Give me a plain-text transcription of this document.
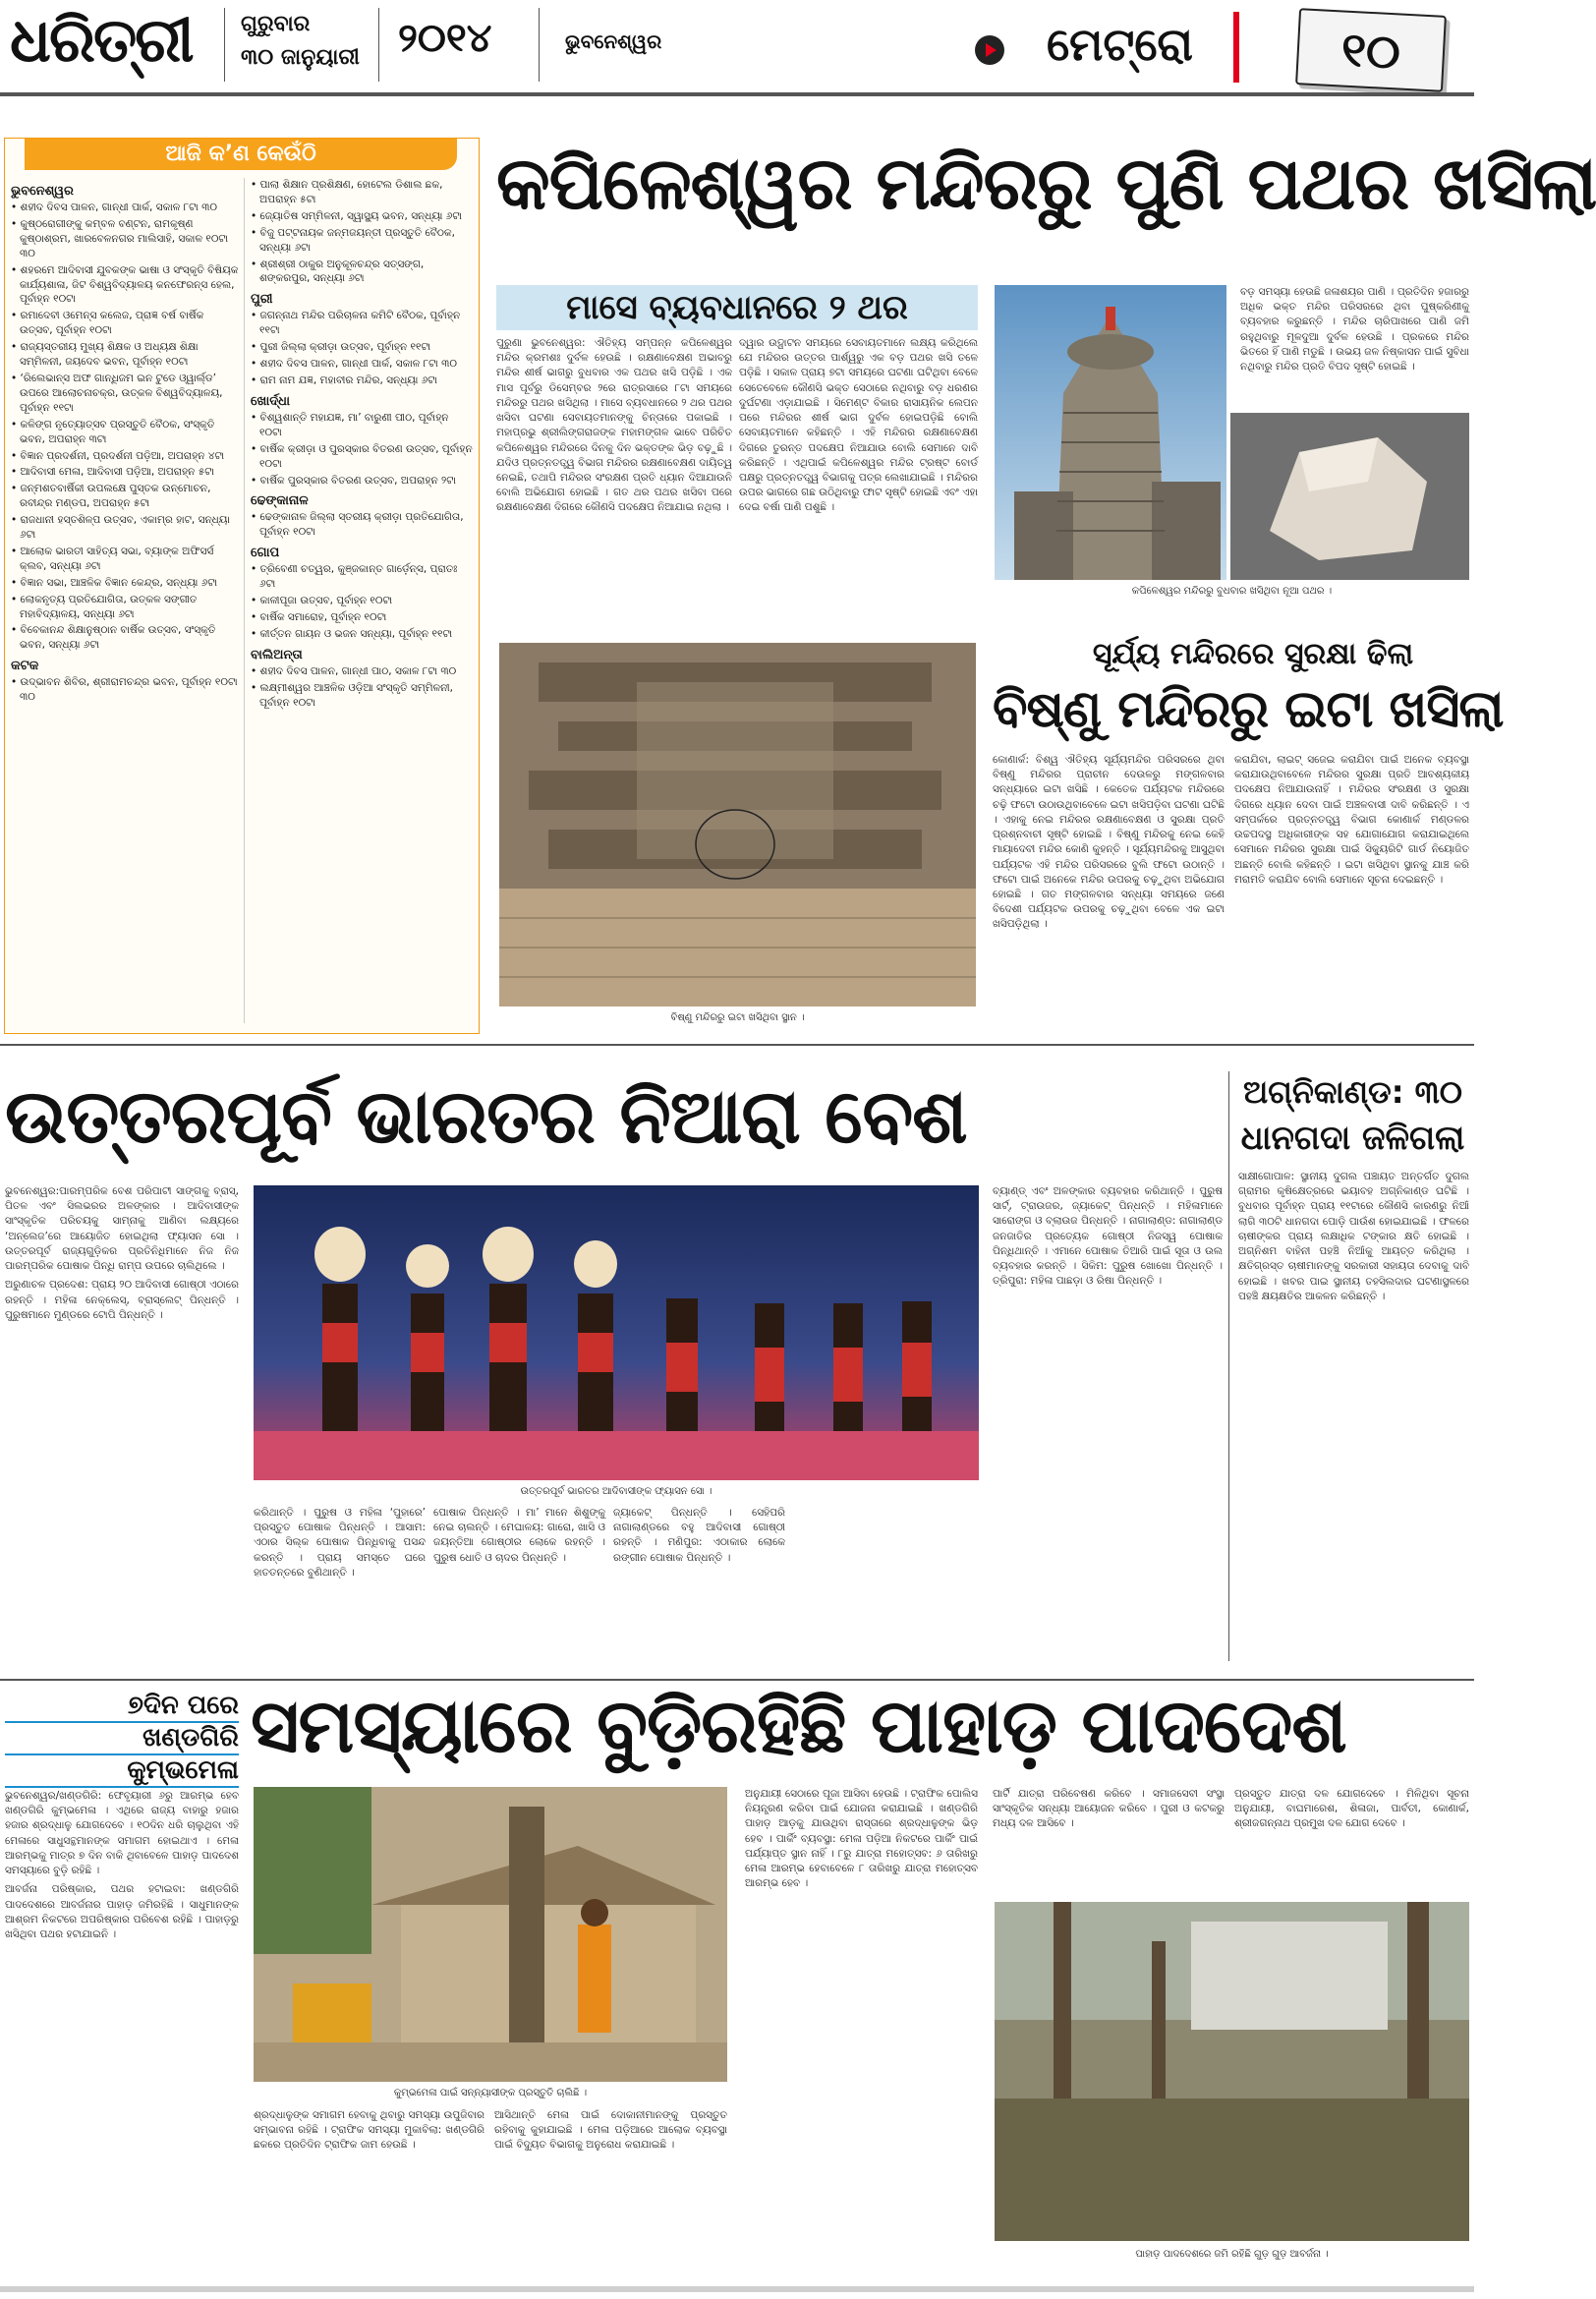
ଧରିତ୍ରୀ ଗୁରୁବାର
୩୦ ଜାନୁୟାରୀ ୨୦୧୪	ଭୁବନେଶ୍ୱର	ମେଟ୍ରୋ	୧୦
ଆଜି କ’ଣ କେଉଁଠି
ଭୁବନେଶ୍ୱର
• ଶହୀଦ ଦିବସ ପାଳନ, ଗାନ୍ଧୀ ପାର୍କ, ସକାଳ ୮ଟା ୩୦
• କୁଷ୍ଠରୋଗୀଙ୍କୁ କମ୍ବଳ ବଣ୍ଟନ, ରାମକୃଷ୍ଣ କୁଷ୍ଠାଶ୍ରମ, ଖାରବେଳନଗର ମାଲିସାହି, ସକାଳ ୧୦ଟା ୩୦
• ଶହରମେ ଆଦିବାସୀ ଯୁବକଙ୍କ ଭାଷା ଓ ସଂସ୍କୃତି ବିଷିୟକ କାର୍ଯ୍ୟଶାଳା, ଜିଟ ବିଶ୍ୱବିଦ୍ୟାଳୟ କନଫେରନ୍ସ ହେଲ, ପୂର୍ବାହ୍ନ ୧୦ଟା
• ରମାଦେବୀ ଓମେନ୍ସ କଲେଜ, ପ୍ରାଜ୍ଞ ବର୍ଷ ବାର୍ଷିକ ଉତ୍ସବ, ପୂର୍ବାହ୍ନ ୧୦ଟା
• ରାଜ୍ୟସ୍ତରୀୟ ମୁଖ୍ୟ ଶିକ୍ଷକ ଓ ଅଧ୍ୟକ୍ଷ ଶିକ୍ଷା ସମ୍ମିଳନୀ, ଜୟଦେବ ଭବନ, ପୂର୍ବାହ୍ନ ୧୦ଟା
• ‘ରିଲେଭାନ୍ସ ଅଫ ଗାନ୍ଧିଜମ ଇନ ଟୁଡେ ଓ୍ୱାର୍ଲ୍ଡ’ ଉପରେ ଆଲୋଚନାଚକ୍ର, ଉତ୍କଳ ବିଶ୍ୱବିଦ୍ୟାଳୟ, ପୂର୍ବାହ୍ନ ୧୧ଟା
• କଳିଙ୍ଗ ନୃତ୍ୟୋତ୍ସବ ପ୍ରସ୍ତୁତି ବୈଠକ, ସଂସ୍କୃତି ଭବନ, ଅପରାହ୍ନ ୩ଟା
• ବିଜ୍ଞାନ ପ୍ରଦର୍ଶନୀ, ପ୍ରଦର୍ଶନୀ ପଡ଼ିଆ, ଅପରାହ୍ନ ୪ଟା
• ଆଦିବାସୀ ମେଳା, ଆଦିବାସୀ ପଡ଼ିଆ, ଅପରାହ୍ନ ୫ଟା
• ଜନ୍ମଶତବାର୍ଷିକୀ ଉପଲକ୍ଷେ ପୁସ୍ତକ ଉନ୍ମୋଚନ, ରବୀନ୍ଦ୍ର ମଣ୍ଡପ, ଅପରାହ୍ନ ୫ଟା
• ରାଜଧାନୀ ହସ୍ତଶିଳ୍ପ ଉତ୍ସବ, ଏକାମ୍ର ହାଟ, ସନ୍ଧ୍ୟା ୬ଟା
• ଆଲୋକ ଭାରତୀ ସାହିତ୍ୟ ସଭା, ବ୍ୟାଙ୍କ ଅଫିସର୍ସ କ୍ଲବ, ସନ୍ଧ୍ୟା ୬ଟା
• ବିଜ୍ଞାନ ସଭା, ଆଞ୍ଚଳିକ ବିଜ୍ଞାନ କେନ୍ଦ୍ର, ସନ୍ଧ୍ୟା ୬ଟା
• ଲୋକନୃତ୍ୟ ପ୍ରତିଯୋଗିତା, ଉତ୍କଳ ସଙ୍ଗୀତ ମହାବିଦ୍ୟାଳୟ, ସନ୍ଧ୍ୟା ୬ଟା
• ବିବେକାନନ୍ଦ ଶିକ୍ଷାନୁଷ୍ଠାନ ବାର୍ଷିକ ଉତ୍ସବ, ସଂସ୍କୃତି ଭବନ, ସନ୍ଧ୍ୟା ୬ଟା
କଟକ
• ଉଦ୍ଭାବନ ଶିବିର, ଶ୍ରୀରାମଚନ୍ଦ୍ର ଭବନ, ପୂର୍ବାହ୍ନ ୧୦ଟା ୩୦
• ପାଲା ଶିକ୍ଷାନ ପ୍ରଶିକ୍ଷଣ, ହୋଟେଲ ଡିଶାଲ ଛକ, ଅପରାହ୍ନ ୫ଟା
• ଜ୍ୟୋତିଷ ସମ୍ମିଳନୀ, ସ୍ୱାସ୍ଥ୍ୟ ଭବନ, ସନ୍ଧ୍ୟା ୬ଟା
• ବିଜୁ ପଟ୍ଟନାୟକ ଜନ୍ମଜୟନ୍ତୀ ପ୍ରସ୍ତୁତି ବୈଠକ, ସନ୍ଧ୍ୟା ୬ଟା
• ଶ୍ରୀଶ୍ରୀ ଠାକୁର ଅନୁକୂଳଚନ୍ଦ୍ର ସତ୍ସଙ୍ଗ, ଶଙ୍କରପୁର, ସନ୍ଧ୍ୟା ୬ଟା
ପୁରୀ
• ଜଗନ୍ନାଥ ମନ୍ଦିର ପରିଚାଳନା କମିଟି ବୈଠକ, ପୂର୍ବାହ୍ନ ୧୧ଟା
• ପୁରୀ ଜିଲ୍ଲା କ୍ରୀଡ଼ା ଉତ୍ସବ, ପୂର୍ବାହ୍ନ ୧୧ଟା
• ଶହୀଦ ଦିବସ ପାଳନ, ଗାନ୍ଧୀ ପାର୍କ, ସକାଳ ୮ଟା ୩୦
• ରାମ ନାମ ଯଜ୍ଞ, ମହାବୀର ମନ୍ଦିର, ସନ୍ଧ୍ୟା ୬ଟା
ଖୋର୍ଦ୍ଧା
• ବିଶ୍ୱଶାନ୍ତି ମହାଯଜ୍ଞ, ମା’ ବାରୁଣୀ ପୀଠ, ପୂର୍ବାହ୍ନ ୧୦ଟା
• ବାର୍ଷିକ କ୍ରୀଡ଼ା ଓ ପୁରସ୍କାର ବିତରଣ ଉତ୍ସବ, ପୂର୍ବାହ୍ନ ୧୦ଟା
• ବାର୍ଷିକ ପୁରସ୍କାର ବିତରଣ ଉତ୍ସବ, ଅପରାହ୍ନ ୨ଟା
ଢେଙ୍କାନାଳ
• ଢେଙ୍କାନାଳ ଜିଲ୍ଲା ସ୍ତରୀୟ କ୍ରୀଡ଼ା ପ୍ରତିଯୋଗିତା, ପୂର୍ବାହ୍ନ ୧୦ଟା
ଗୋପ
• ତ୍ରିବେଣୀ ଚତ୍ୱର, କୁଞ୍ଜକାନ୍ତ ଗାର୍ଡ଼େନ୍ସ, ପ୍ରାତଃ ୬ଟା
• କାଳୀପୂଜା ଉତ୍ସବ, ପୂର୍ବାହ୍ନ ୧୦ଟା
• ବାର୍ଷିକ ସମାରୋହ, ପୂର୍ବାହ୍ନ ୧୦ଟା
• କୀର୍ତ୍ତନ ଗାୟନ ଓ ଭଜନ ସନ୍ଧ୍ୟା, ପୂର୍ବାହ୍ନ ୧୧ଟା
ବାଲିଅନ୍ତା
• ଶହୀଦ ଦିବସ ପାଳନ, ଗାନ୍ଧୀ ପାଠ, ସକାଳ ୮ଟା ୩୦
• ଲକ୍ଷ୍ମୀଶ୍ୱର ଆଞ୍ଚଳିକ ଓଡ଼ିଆ ସଂସ୍କୃତି ସମ୍ମିଳନୀ, ପୂର୍ବାହ୍ନ ୧୦ଟା
କପିଳେଶ୍ୱର ମନ୍ଦିରରୁ ପୁଣି ପଥର ଖସିଲା
ମାସେ ବ୍ୟବଧାନରେ ୨ ଥର
ପୁରୁଣା ଭୁବନେଶ୍ୱର: ଐତିହ୍ୟ ସମ୍ପନ୍ନ କପିଳେଶ୍ୱର ମନ୍ଦିର କ୍ରମଶଃ ଦୁର୍ବଳ ହେଉଛି । ରକ୍ଷଣାବେକ୍ଷଣ ଅଭାବରୁ ମନ୍ଦିର ଶୀର୍ଷ ଭାଗରୁ ବୁଧବାର ଏକ ପଥର ଖସି ପଡ଼ିଛି । ଏକ ମାସ ପୂର୍ବରୁ ଡିସେମ୍ବର ୨ରେ ରାତ୍ରସାରେ ୮ଟା ସମୟରେ ମନ୍ଦିରରୁ ପଥର ଖସିଥିଲା । ମାସେ ବ୍ୟବଧାନରେ ୨ ଥର ପଥର ଖସିବା ଘଟଣା ସେବାୟତମାନଙ୍କୁ ଚିନ୍ତାରେ ପକାଇଛି । ମହାପ୍ରଭୁ ଶ୍ରୀଲିଙ୍ଗରାଜଙ୍କ ମହାମଙ୍ଗଳ ଭାବେ ପରିଚିତ କପିଳେଶ୍ୱର ମନ୍ଦିରରେ ଦିନକୁ ଦିନ ଭକ୍ତଙ୍କ ଭିଡ଼ ବଢ଼ୁଛି । ଯଦିଓ ପ୍ରତ୍ନତତ୍ତ୍ୱ ବିଭାଗ ମନ୍ଦିରର ରକ୍ଷଣାବେକ୍ଷଣ ଦାୟିତ୍ୱ ନେଇଛି, ତଥାପି ମନ୍ଦିରର ସଂରକ୍ଷଣ ପ୍ରତି ଧ୍ୟାନ ଦିଆଯାଉନି ବୋଲି ଅଭିଯୋଗ ହୋଇଛି । ଗତ ଥର ପଥର ଖସିବା ପରେ ରକ୍ଷଣାବେକ୍ଷଣ ଦିଗରେ କୌଣସି ପଦକ୍ଷେପ ନିଆଯାଇ ନଥିଲା ।
ଦ୍ୱାର ଉଦ୍ଘାଟନ ସମୟରେ ସେବାୟତମାନେ ଲକ୍ଷ୍ୟ କରିଥିଲେ ଯେ ମନ୍ଦିରର ଉତ୍ତର ପାର୍ଶ୍ୱରୁ ଏକ ବଡ଼ ପଥର ଖସି ତଳେ ପଡ଼ିଛି । ସକାଳ ପ୍ରାୟ ୭ଟା ସମୟରେ ଘଟଣା ଘଟିଥିବା ବେଳେ ସେତେବେଳେ କୌଣସି ଭକ୍ତ ସେଠାରେ ନଥିବାରୁ ବଡ଼ ଧରଣର ଦୁର୍ଘଟଣା ଏଡ଼ାଯାଇଛି । ସିମେଣ୍ଟ ବିକାର ରାସାୟନିକ ଲେପନ ପରେ ମନ୍ଦିରର ଶୀର୍ଷ ଭାଗ ଦୁର୍ବଳ ହୋଇପଡ଼ିଛି ବୋଲି ସେବାୟତମାନେ କହିଛନ୍ତି । ଏହି ମନ୍ଦିରର ରକ୍ଷଣାବେକ୍ଷଣ ଦିଗରେ ତୁରନ୍ତ ପଦକ୍ଷେପ ନିଆଯାଉ ବୋଲି ସେମାନେ ଦାବି କରିଛନ୍ତି । ଏଥିପାଇଁ କପିଳେଶ୍ୱର ମନ୍ଦିର ଟ୍ରଷ୍ଟ ବୋର୍ଡ ପକ୍ଷରୁ ପ୍ରତ୍ନତତ୍ତ୍ୱ ବିଭାଗକୁ ପତ୍ର ଲେଖାଯାଇଛି । ମନ୍ଦିରର ଉପର ଭାଗରେ ଗଛ ଉଠିଥିବାରୁ ଫାଟ ସୃଷ୍ଟି ହୋଇଛି ଏବଂ ଏହା ଦେଇ ବର୍ଷା ପାଣି ପଶୁଛି ।
ବଡ଼ ସମସ୍ୟା ହେଉଛି ଜଳାଶୟର ପାଣି । ପ୍ରତିଦିନ ହଜାରରୁ ଅଧିକ ଭକ୍ତ ମନ୍ଦିର ପରିସରରେ ଥିବା ପୁଷ୍କରିଣୀକୁ ବ୍ୟବହାର କରୁଛନ୍ତି । ମନ୍ଦିର ଚାରିପାଖରେ ପାଣି ଜମି ରହୁଥିବାରୁ ମୂଳଦୁଆ ଦୁର୍ବଳ ହେଉଛି । ପ୍ରକରେ ମନ୍ଦିର ଭିତରେ ହିଁ ପାଣି ମଡୁଛି । ଉଭୟ ଜଳ ନିଷ୍କାସନ ପାଇଁ ସୁବିଧା ନଥିବାରୁ ମନ୍ଦିର ପ୍ରତି ବିପଦ ସୃଷ୍ଟି ହୋଇଛି ।
କପିଳେଶ୍ୱର ମନ୍ଦିରରୁ ବୁଧବାର ଖସିଥିବା ନୂଆ ପଥର ।
ବିଷ୍ଣୁ ମନ୍ଦିରରୁ ଇଟା ଖସିଥିବା ସ୍ଥାନ ।
ସୂର୍ଯ୍ୟ ମନ୍ଦିରରେ ସୁରକ୍ଷା ଢିଲା
ବିଷ୍ଣୁ ମନ୍ଦିରରୁ ଇଟା ଖସିଲା
କୋଣାର୍କ: ବିଶ୍ୱ ଐତିହ୍ୟ ସୂର୍ଯ୍ୟମନ୍ଦିର ପରିସରରେ ଥିବା ବିଷ୍ଣୁ ମନ୍ଦିରର ପ୍ରାଚୀନ ଦେଉଳରୁ ମଙ୍ଗଳବାର ସନ୍ଧ୍ୟାରେ ଇଟା ଖସିଛି । କେତେକ ପର୍ଯ୍ୟଟକ ମନ୍ଦିରରେ ଚଢ଼ି ଫଟୋ ଉଠାଉଥିବାବେଳେ ଇଟା ଖସିପଡ଼ିବା ଘଟଣା ଘଟିଛି । ଏହାକୁ ନେଇ ମନ୍ଦିରର ରକ୍ଷଣାବେକ୍ଷଣ ଓ ସୁରକ୍ଷା ପ୍ରତି ପ୍ରଶ୍ନବାଚୀ ସୃଷ୍ଟି ହୋଇଛି । ବିଷ୍ଣୁ ମନ୍ଦିରକୁ ନେଇ କେହି ମାୟାଦେବୀ ମନ୍ଦିର କୋଣି କୁହନ୍ତି । ସୂର୍ଯ୍ୟମନ୍ଦିରକୁ ଆସୁଥିବା ପର୍ଯ୍ୟଟକ ଏହି ମନ୍ଦିର ପରିସରରେ ବୁଲି ଫଟୋ ଉଠାନ୍ତି । ଫଟୋ ପାଇଁ ଅନେକେ ମନ୍ଦିର ଉପରକୁ ଚଢ଼ୁଥିବା ଅଭିଯୋଗ ହୋଇଛି । ଗତ ମଙ୍ଗଳବାର ସନ୍ଧ୍ୟା ସମୟରେ ଜଣେ ବିଦେଶୀ ପର୍ଯ୍ୟଟକ ଉପରକୁ ଚଢ଼ୁଥିବା ବେଳେ ଏକ ଇଟା ଖସିପଡ଼ିଥିଲା ।
କରାଯିବା, ଲାଇଟ୍ ସଜେଇ କରାଯିବା ପାଇଁ ଅନେକ ବ୍ୟବସ୍ଥା କରାଯାଉଥିବାବେଳେ ମନ୍ଦିରର ସୁରକ୍ଷା ପ୍ରତି ଆବଶ୍ୟକୀୟ ପଦକ୍ଷେପ ନିଆଯାଉନାହିଁ । ମନ୍ଦିରର ସଂରକ୍ଷଣ ଓ ସୁରକ୍ଷା ଦିଗରେ ଧ୍ୟାନ ଦେବା ପାଇଁ ଅଞ୍ଚଳବାସୀ ଦାବି କରିଛନ୍ତି । ଏ ସମ୍ପର୍କରେ ପ୍ରତ୍ନତତ୍ତ୍ୱ ବିଭାଗ କୋଣାର୍କ ମଣ୍ଡଳର ଉଚ୍ଚପଦସ୍ଥ ଅଧିକାରୀଙ୍କ ସହ ଯୋଗାଯୋଗ କରାଯାଇଥିଲେ ସେମାନେ ମନ୍ଦିରର ସୁରକ୍ଷା ପାଇଁ ସିକ୍ୟୁରିଟି ଗାର୍ଡ ନିୟୋଜିତ ଅଛନ୍ତି ବୋଲି କହିଛନ୍ତି । ଇଟା ଖସିଥିବା ସ୍ଥାନକୁ ଯାଞ୍ଚ କରି ମରାମତି କରାଯିବ ବୋଲି ସେମାନେ ସୂଚନା ଦେଇଛନ୍ତି ।
ଉତ୍ତରପୂର୍ବ ଭାରତର ନିଆରା ବେଶ	ଅଗ୍ନିକାଣ୍ଡ: ୩୦
ଧାନଗଦା ଜଳିଗଲା
ସାକ୍ଷୀଗୋପାଳ: ସ୍ଥାନୀୟ ଦୁଗଲ ପଞ୍ଚାୟତ ଅନ୍ତର୍ଗତ ଦୁଗଲ ଗ୍ରାମର କୃଷିକ୍ଷେତ୍ରରେ ଭୟାବହ ଅଗ୍ନିକାଣ୍ଡ ଘଟିଛି । ବୁଧବାର ପୂର୍ବାହ୍ନ ପ୍ରାୟ ୧୧ଟାରେ କୌଣସି କାରଣରୁ ନିଆଁ ଲାଗି ୩୦ଟି ଧାନଗଦା ପୋଡ଼ି ପାଉଁଶ ହୋଇଯାଇଛି । ଫଳରେ ଚାଷୀଙ୍କର ପ୍ରାୟ ଲକ୍ଷାଧିକ ଟଙ୍କାର କ୍ଷତି ହୋଇଛି । ଅଗ୍ନିଶମ ବାହିନୀ ପହଞ୍ଚି ନିଆଁକୁ ଆୟତ୍ତ କରିଥିଲା । କ୍ଷତିଗ୍ରସ୍ତ ଚାଷୀମାନଙ୍କୁ ସରକାରୀ ସହାୟତା ଦେବାକୁ ଦାବି ହୋଇଛି । ଖବର ପାଇ ସ୍ଥାନୀୟ ତହସିଲଦାର ଘଟଣାସ୍ଥଳରେ ପହଞ୍ଚି କ୍ଷୟକ୍ଷତିର ଆକଳନ କରିଛନ୍ତି ।

ଭୁବନେଶ୍ୱର:ପାରମ୍ପରିକ ବେଶ ପରିପାଟୀ ସାଙ୍ଗକୁ ବ୍ରାସ୍, ପିତଳ ଏବଂ ସିଲଭରର ଅଳଙ୍କାର । ଆଦିବାସୀଙ୍କ ସାଂସ୍କୃତିକ ପରିଚୟକୁ ସାମ୍ନାକୁ ଆଣିବା ଲକ୍ଷ୍ୟରେ ‘ଅନ୍ଲେଜ’ରେ ଆୟୋଜିତ ହୋଇଥିଲା ଫ୍ୟାସନ ସୋ । ଉତ୍ତରପୂର୍ବ ରାଜ୍ୟଗୁଡ଼ିକର ପ୍ରତିନିଧିମାନେ ନିଜ ନିଜ ପାରମ୍ପରିକ ପୋଷାକ ପିନ୍ଧି ରାମ୍ପ ଉପରେ ଚାଲିଥିଲେ ।

ଅରୁଣାଚଳ ପ୍ରଦେଶ: ପ୍ରାୟ ୨୦ ଆଦିବାସୀ ଗୋଷ୍ଠୀ ଏଠାରେ ରହନ୍ତି । ମହିଳା ନେକ୍ଲେସ୍, ବ୍ରାସ୍ଲେଟ୍ ପିନ୍ଧନ୍ତି । ପୁରୁଷମାନେ ମୁଣ୍ଡରେ ଟୋପି ପିନ୍ଧନ୍ତି ।

ଉତ୍ତରପୂର୍ବ ଭାରତର ଆଦିବାସୀଙ୍କ ଫ୍ୟାସନ ସୋ ।
କରିଥାନ୍ତି । ପୁରୁଷ ଓ ମହିଳା ‘ପୁହାରେ’ ପ୍ରସ୍ତୁତ ପୋଷାକ ପିନ୍ଧନ୍ତି । ଆସାମ: ଏଠାର ସିଲ୍କ ପୋଷାକ ପିନ୍ଧିବାକୁ ପସନ୍ଦ କରନ୍ତି । ପ୍ରାୟ ସମସ୍ତେ ଘରେ ହାତତନ୍ତରେ ବୁଣିଥାନ୍ତି ।
ପୋଷାକ ପିନ୍ଧନ୍ତି । ମା’ ମାନେ ଶିଶୁଙ୍କୁ ନେଇ ଚାଲନ୍ତି । ମେଘାଳୟ: ଗାରୋ, ଖାସି ଓ ଜୟନ୍ତିଆ ଗୋଷ୍ଠୀର ଲୋକେ ରହନ୍ତି । ପୁରୁଷ ଧୋତି ଓ ଚାଦର ପିନ୍ଧନ୍ତି ।
ଜ୍ୟାକେଟ୍ ପିନ୍ଧନ୍ତି । ସେହିପରି ନାଗାଲାଣ୍ଡରେ ବହୁ ଆଦିବାସୀ ଗୋଷ୍ଠୀ ରହନ୍ତି । ମଣିପୁର: ଏଠାକାର ଲୋକେ ରଙ୍ଗୀନ ପୋଷାକ ପିନ୍ଧନ୍ତି ।
ବ୍ୟାଣ୍ଡ୍ ଏବଂ ଅଳଙ୍କାର ବ୍ୟବହାର କରିଥାନ୍ତି । ପୁରୁଷ ସାର୍ଟ୍, ଟ୍ରାଉଜର, ଜ୍ୟାକେଟ୍ ପିନ୍ଧନ୍ତି । ମହିଳାମାନେ ସାରୋଙ୍ଗ ଓ ବ୍ଲାଉଜ ପିନ୍ଧନ୍ତି । ନାଗାଲାଣ୍ଡ: ନାଗାଲାଣ୍ଡ ଜନଜାତିର ପ୍ରତ୍ୟେକ ଗୋଷ୍ଠୀ ନିଜସ୍ୱ ପୋଷାକ ପିନ୍ଧିଥାନ୍ତି । ଏମାନେ ପୋଷାକ ତିଆରି ପାଇଁ ସୂତା ଓ ଉଲ ବ୍ୟବହାର କରନ୍ତି । ସିକିମ: ପୁରୁଷ ଖୋଖୋ ପିନ୍ଧନ୍ତି । ତ୍ରିପୁରା: ମହିଳା ପାଛଡ଼ା ଓ ରିଷା ପିନ୍ଧନ୍ତି ।
୭ଦିନ ପରେ
ଖଣ୍ଡଗିରି
କୁମ୍ଭମେଳା
ସମସ୍ୟାରେ ବୁଡ଼ିରହିଛି ପାହାଡ଼ ପାଦଦେଶ

ଭୁବନେଶ୍ୱର/ଖଣ୍ଡଗିରି: ଫେବୃୟାରୀ ୬ରୁ ଆରମ୍ଭ ହେବ ଖଣ୍ଡଗିରି କୁମ୍ଭମେଳା । ଏଥିରେ ରାଜ୍ୟ ବାହାରୁ ହଜାର ହଜାର ଶ୍ରଦ୍ଧାଳୁ ଯୋଗଦେବେ । ୧୦ଦିନ ଧରି ଚାଲୁଥିବା ଏହି ମେଳାରେ ସାଧୁସନ୍ଥମାନଙ୍କ ସମାଗମ ହୋଇଥାଏ । ମେଳା ଆରମ୍ଭକୁ ମାତ୍ର ୭ ଦିନ ବାକି ଥିବାବେଳେ ପାହାଡ଼ ପାଦଦେଶ ସମସ୍ୟାରେ ବୁଡ଼ି ରହିଛି ।

ଆବର୍ଜନା ପରିଷ୍କାର, ପଥର ହଟାଇବା: ଖଣ୍ଡଗିରି ପାଦଦେଶରେ ଆବର୍ଜନାର ପାହାଡ଼ ଜମିରହିଛି । ସାଧୁମାନଙ୍କ ଆଶ୍ରମ ନିକଟରେ ଅପରିଷ୍କାର ପରିବେଶ ରହିଛି । ପାହାଡ଼ରୁ ଖସିଥିବା ପଥର ହଟାଯାଇନି ।

କୁମ୍ଭମେଳା ପାଇଁ ସନ୍ନ୍ୟାସୀଙ୍କ ପ୍ରସ୍ତୁତି ଚାଲିଛି ।
ଶ୍ରଦ୍ଧାଳୁଙ୍କ ସମାଗମ ହେବାକୁ ଥିବାରୁ ସମସ୍ୟା ଉପୁଜିବାର ସମ୍ଭାବନା ରହିଛି । ଟ୍ରାଫିକ ସମସ୍ୟା ମୁକାବିଲା: ଖଣ୍ଡଗିରି ଛକରେ ପ୍ରତିଦିନ ଟ୍ରାଫିକ ଜାମ ହେଉଛି ।
ଆସିଥାନ୍ତି ମେଳା ପାଇଁ ଦୋକାନୀମାନଙ୍କୁ ପ୍ରସ୍ତୁତ ରହିବାକୁ କୁହାଯାଇଛି । ମେଳା ପଡ଼ିଆରେ ଆଲୋକ ବ୍ୟବସ୍ଥା ପାଇଁ ବିଦ୍ୟୁତ ବିଭାଗକୁ ଅନୁରୋଧ କରାଯାଇଛି ।
ଅନୁଯାୟୀ ସେଠାରେ ପୂଜା ଆସିବା ହେଉଛି । ଟ୍ରାଫିକ ପୋଲିସ ନିୟନ୍ତ୍ରଣ କରିବା ପାଇଁ ଯୋଜନା କରାଯାଇଛି । ଖଣ୍ଡଗିରି ପାହାଡ଼ ଆଡ଼କୁ ଯାଉଥିବା ରାସ୍ତାରେ ଶ୍ରଦ୍ଧାଳୁଙ୍କ ଭିଡ଼ ହେବ । ପାର୍କିଂ ବ୍ୟବସ୍ଥା: ମେଳା ପଡ଼ିଆ ନିକଟରେ ପାର୍କିଂ ପାଇଁ ପର୍ଯ୍ୟାପ୍ତ ସ୍ଥାନ ନାହିଁ । ୮ରୁ ଯାତ୍ରା ମହୋତ୍ସବ: ୬ ତାରିଖରୁ ମେଳା ଆରମ୍ଭ ହେବାବେଳେ ୮ ତାରିଖରୁ ଯାତ୍ରା ମହୋତ୍ସବ ଆରମ୍ଭ ହେବ ।
ପାର୍ଟି ଯାତ୍ରା ପରିବେଷଣ କରିବେ । ସମାଜସେବୀ ସଂସ୍ଥା ସାଂସ୍କୃତିକ ସନ୍ଧ୍ୟା ଆୟୋଜନ କରିବେ । ପୁରୀ ଓ କଟକରୁ ମଧ୍ୟ ଦଳ ଆସିବେ ।
ପ୍ରସ୍ତୁତ ଯାତ୍ରା ଦଳ ଯୋଗଦେବେ । ମିଳିଥିବା ସୂଚନା ଅନୁଯାୟୀ, ବାଘମାରେଶ, ଶିଳାଜା, ପାର୍ବତୀ, କୋଣାର୍କ, ଶ୍ରୀଜଗନ୍ନାଥ ପ୍ରମୁଖ ଦଳ ଯୋଗ ଦେବେ ।
ପାହାଡ଼ ପାଦଦେଶରେ ଜମି ରହିଛି ଗୁଡ଼ ଗୁଡ଼ ଆବର୍ଜନା ।
